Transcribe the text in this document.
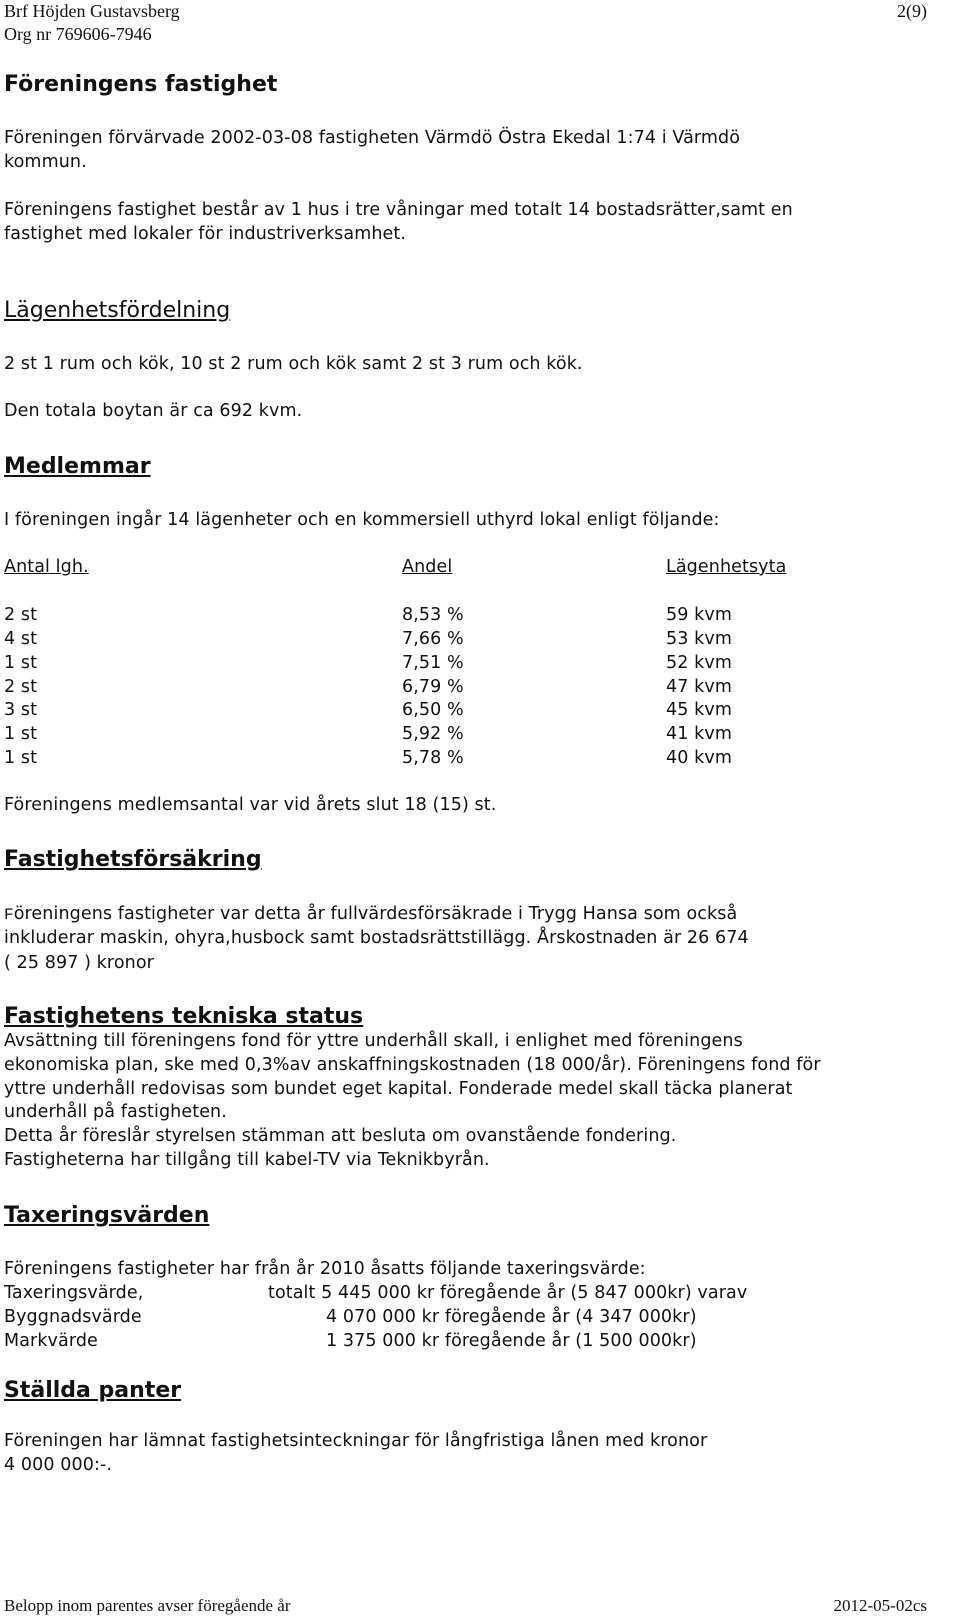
Brf Höjden Gustavsberg
Org nr 769606-7946
2(9)
Föreningens fastighet
Föreningen förvärvade 2002-03-08 fastigheten Värmdö Östra Ekedal 1:74 i Värmdö
kommun.
Föreningens fastighet består av 1 hus i tre våningar med totalt 14 bostadsrätter,samt en
fastighet med lokaler för industriverksamhet.
Lägenhetsfördelning
2 st 1 rum och kök, 10 st 2 rum och kök samt 2 st 3 rum och kök.
Den totala boytan är ca 692 kvm.
Medlemmar
I föreningen ingår 14 lägenheter och en kommersiell uthyrd lokal enligt följande:
Antal lgh.	Andel	Lägenhetsyta
2 st	8,53 %	59 kvm
4 st	7,66 %	53 kvm
1 st	7,51 %	52 kvm
2 st	6,79 %	47 kvm
3 st	6,50 %	45 kvm
1 st	5,92 %	41 kvm
1 st	5,78 %	40 kvm
Föreningens medlemsantal var vid årets slut 18 (15) st.
Fastighetsförsäkring
Föreningens fastigheter var detta år fullvärdesförsäkrade i Trygg Hansa som också
inkluderar maskin, ohyra,husbock samt bostadsrättstillägg. Årskostnaden är 26 674
( 25 897 ) kronor
Fastighetens tekniska status
Avsättning till föreningens fond för yttre underhåll skall, i enlighet med föreningens
ekonomiska plan, ske med 0,3%av anskaffningskostnaden (18 000/år). Föreningens fond för
yttre underhåll redovisas som bundet eget kapital. Fonderade medel skall täcka planerat
underhåll på fastigheten.
Detta år föreslår styrelsen stämman att besluta om ovanstående fondering.
Fastigheterna har tillgång till kabel-TV via Teknikbyrån.
Taxeringsvärden
Föreningens fastigheter har från år 2010 åsatts följande taxeringsvärde:
Taxeringsvärde,	totalt 5 445 000 kr föregående år (5 847 000kr) varav
Byggnadsvärde	4 070 000 kr föregående år (4 347 000kr)
Markvärde	1 375 000 kr föregående år (1 500 000kr)
Ställda panter
Föreningen har lämnat fastighetsinteckningar för långfristiga lånen med kronor
4 000 000:-.
Belopp inom parentes avser föregående år	2012-05-02cs
